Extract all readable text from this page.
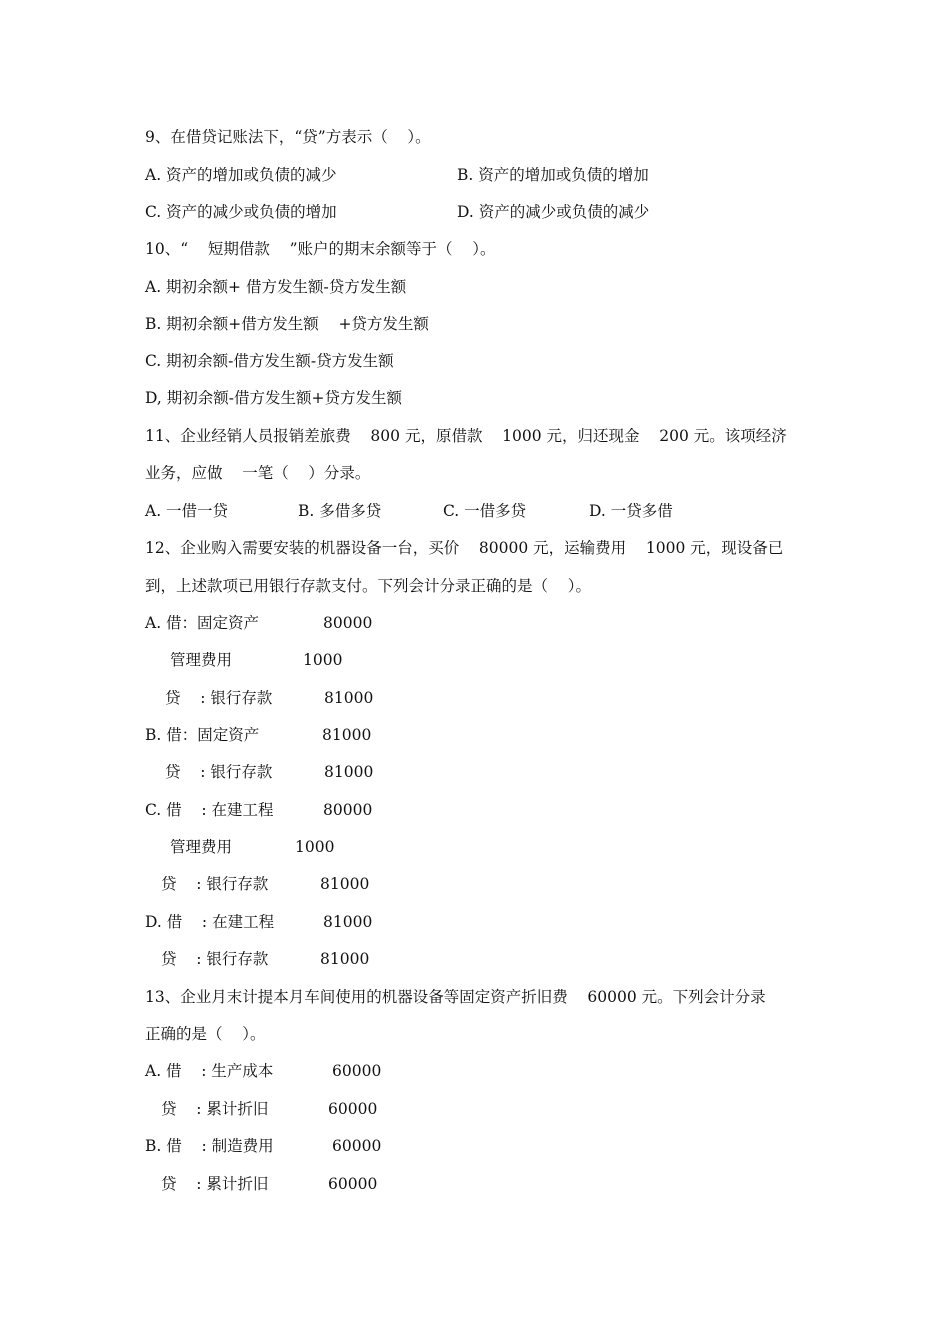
9、在借贷记账法下，“贷”方表示（    ）。
A. 资产的增加或负债的减少	B. 资产的增加或负债的增加
C. 资产的减少或负债的增加	D. 资产的减少或负债的减少
10、“    短期借款    ”账户的期末余额等于（    ）。
A. 期初余额+ 借方发生额-贷方发生额
B. 期初余额+借方发生额    +贷方发生额
C. 期初余额-借方发生额-贷方发生额
D, 期初余额-借方发生额+贷方发生额
11、企业经销人员报销差旅费    800 元，原借款    1000 元，归还现金    200 元。该项经济
业务，应做    一笔（    ）分录。
A. 一借一贷	B. 多借多贷	C. 一借多贷	D. 一贷多借
12、企业购入需要安装的机器设备一台，买价    80000 元，运输费用    1000 元，现设备已
到，上述款项已用银行存款支付。下列会计分录正确的是（    ）。
A. 借：固定资产	80000
管理费用	1000
贷    : 银行存款	81000
B. 借：固定资产	81000
贷    : 银行存款	81000
C. 借    : 在建工程	80000
管理费用	1000
贷    : 银行存款	81000
D. 借    : 在建工程	81000
贷    : 银行存款	81000
13、企业月末计提本月车间使用的机器设备等固定资产折旧费    60000 元。下列会计分录
正确的是（    ）。
A. 借    : 生产成本	60000
贷    : 累计折旧	60000
B. 借    : 制造费用	60000
贷    : 累计折旧	60000
